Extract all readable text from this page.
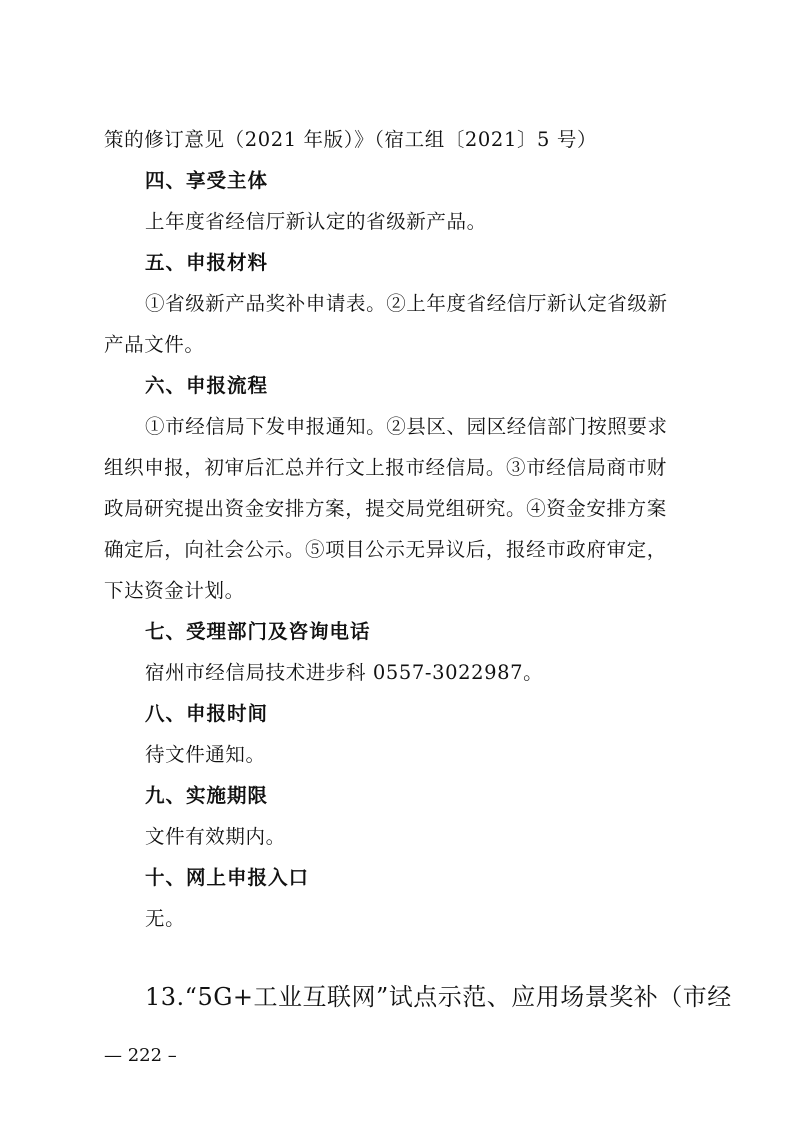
策的修订意见（2021 年版）》（宿工组〔2021〕5 号）
四、享受主体
上年度省经信厅新认定的省级新产品。
五、申报材料
①省级新产品奖补申请表。②上年度省经信厅新认定省级新
产品文件。
六、申报流程
①市经信局下发申报通知。②县区、园区经信部门按照要求
组织申报，初审后汇总并行文上报市经信局。③市经信局商市财
政局研究提出资金安排方案，提交局党组研究。④资金安排方案
确定后，向社会公示。⑤项目公示无异议后，报经市政府审定，
下达资金计划。
七、受理部门及咨询电话
宿州市经信局技术进步科 0557-3022987。
八、申报时间
待文件通知。
九、实施期限
文件有效期内。
十、网上申报入口
无。
13.“5G+工业互联网”试点示范、应用场景奖补（市经
— 222 –
